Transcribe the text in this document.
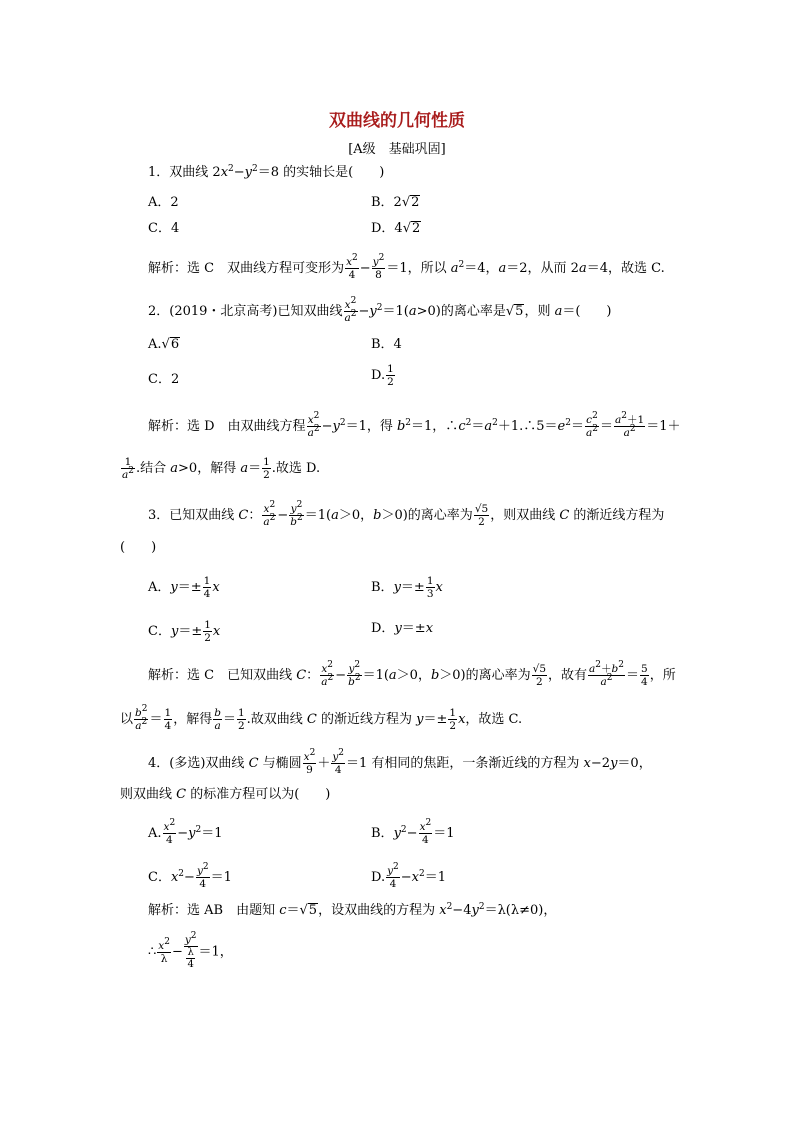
双曲线的几何性质
[A级　基础巩固]
1．双曲线 $2x^2-y^2=8$ 的实轴长是(　　)
A．2	B．2√2
C．4	D．4√2
解析：选 C　双曲线方程可变形为 $\frac{x^2}{4} - \frac{y^2}{8} =1$，所以 $a^2=4$，a＝2，从而 2a＝4，故选 C.
2．(2019・北京高考)已知双曲线 $\frac{x^2}{a^2} -y^2=1(a>0)$的离心率是√5，则 a＝(　　)
A.√6	B．4
C．2	D. $\frac{1}{2}$
解析：选 D　由双曲线方程 $\frac{x^2}{a^2} -y^2=1$，得 $b^2=1$，$\therefore c^2=a^2+1.\therefore 5=e^2= \frac{c^2}{a^2} = \frac{a^2+1}{a^2} =1+$
$\frac{1}{a^2}$ .结合 a>0，解得 $a= \frac{1}{2}$ .故选 D.
3．已知双曲线 C： $\frac{x^2}{a^2} - \frac{y^2}{b^2} =1(a>0$，b＞0)的离心率为 $\frac{√5}{2}$ ，则双曲线 C 的渐近线方程为
(　　)
A．$y=\pm \frac{1}{4}$ x	B．$y=\pm \frac{1}{3}$ x
C．$y=\pm \frac{1}{2}$ x	D．y＝±x
解析：选 C　已知双曲线 C： $\frac{x^2}{a^2} - \frac{y^2}{b^2} =1(a>0$，b＞0)的离心率为 $\frac{√5}{2}$ ，故有 $\frac{a^2+b^2}{a^2} = \frac{5}{4}$ ，所
以 $\frac{b^2}{a^2} = \frac{1}{4}$ ，解得 $\frac{b}{a} = \frac{1}{2}$ .故双曲线 C 的渐近线方程为 $y=\pm \frac{1}{2}$ x，故选 C.
4．(多选)双曲线 C 与椭圆 $\frac{x^2}{9} + \frac{y^2}{4} =1$ 有相同的焦距，一条渐近线的方程为 x−2y＝0，
则双曲线 C 的标准方程可以为(　　)
A. $\frac{x^2}{4} -y^2=1$	B．$y^2- \frac{x^2}{4} =1$
C．$x^2- \frac{y^2}{4} =1$	D. $\frac{y^2}{4} -x^2=1$
解析：选 AB　由题知 c＝√5，设双曲线的方程为 $x^2-4y^2=\lambda(\lambda\ne 0)$，
∴ $\frac{x^2}{\lambda} - \frac{y^2}{\frac{\lambda}{4}} =1$，
